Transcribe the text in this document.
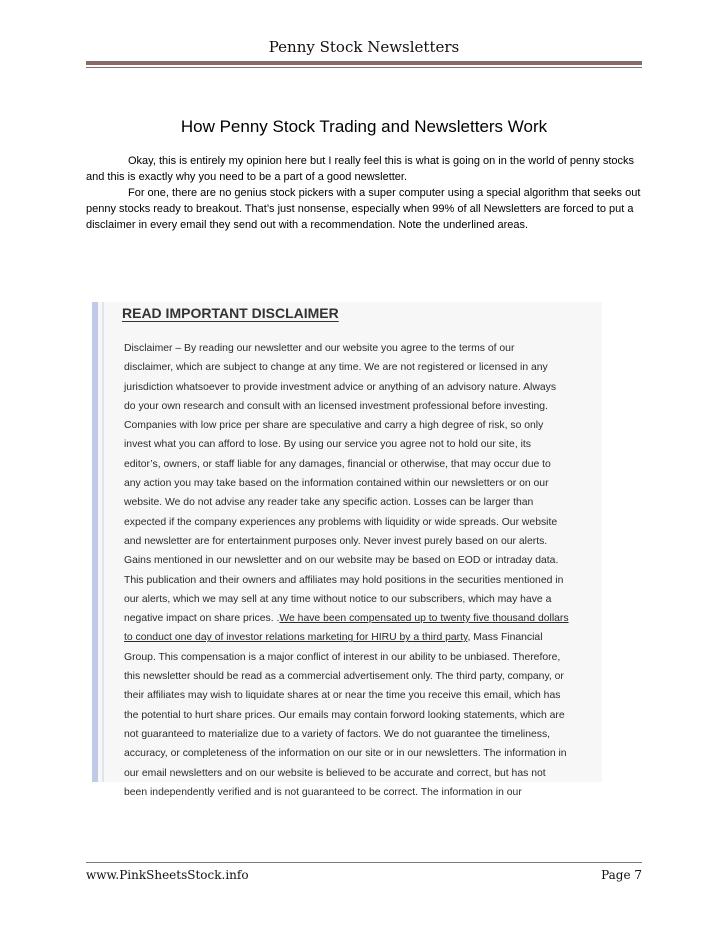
Penny Stock Newsletters
How Penny Stock Trading and Newsletters Work

Okay, this is entirely my opinion here but I really feel this is what is going on in the world of penny stocks and this is exactly why you need to be a part of a good newsletter.

For one, there are no genius stock pickers with a super computer using a special algorithm that seeks out penny stocks ready to breakout. That’s just nonsense, especially when 99% of all Newsletters are forced to put a disclaimer in every email they send out with a recommendation. Note the underlined areas.

READ IMPORTANT DISCLAIMER
Disclaimer – By reading our newsletter and our website you agree to the terms of our
disclaimer, which are subject to change at any time. We are not registered or licensed in any
jurisdiction whatsoever to provide investment advice or anything of an advisory nature. Always
do your own research and consult with an licensed investment professional before investing.
Companies with low price per share are speculative and carry a high degree of risk, so only
invest what you can afford to lose. By using our service you agree not to hold our site, its
editor’s, owners, or staff liable for any damages, financial or otherwise, that may occur due to
any action you may take based on the information contained within our newsletters or on our
website. We do not advise any reader take any specific action. Losses can be larger than
expected if the company experiences any problems with liquidity or wide spreads. Our website
and newsletter are for entertainment purposes only. Never invest purely based on our alerts.
Gains mentioned in our newsletter and on our website may be based on EOD or intraday data.
This publication and their owners and affiliates may hold positions in the securities mentioned in
our alerts, which we may sell at any time without notice to our subscribers, which may have a
negative impact on share prices. .We have been compensated up to twenty five thousand dollars
to conduct one day of investor relations marketing for HIRU by a third party, Mass Financial
Group. This compensation is a major conflict of interest in our ability to be unbiased. Therefore,
this newsletter should be read as a commercial advertisement only. The third party, company, or
their affiliates may wish to liquidate shares at or near the time you receive this email, which has
the potential to hurt share prices. Our emails may contain forword looking statements, which are
not guaranteed to materialize due to a variety of factors. We do not guarantee the timeliness,
accuracy, or completeness of the information on our site or in our newsletters. The information in
our email newsletters and on our website is believed to be accurate and correct, but has not
been independently verified and is not guaranteed to be correct. The information in our
www.PinkSheetsStock.info	Page 7
